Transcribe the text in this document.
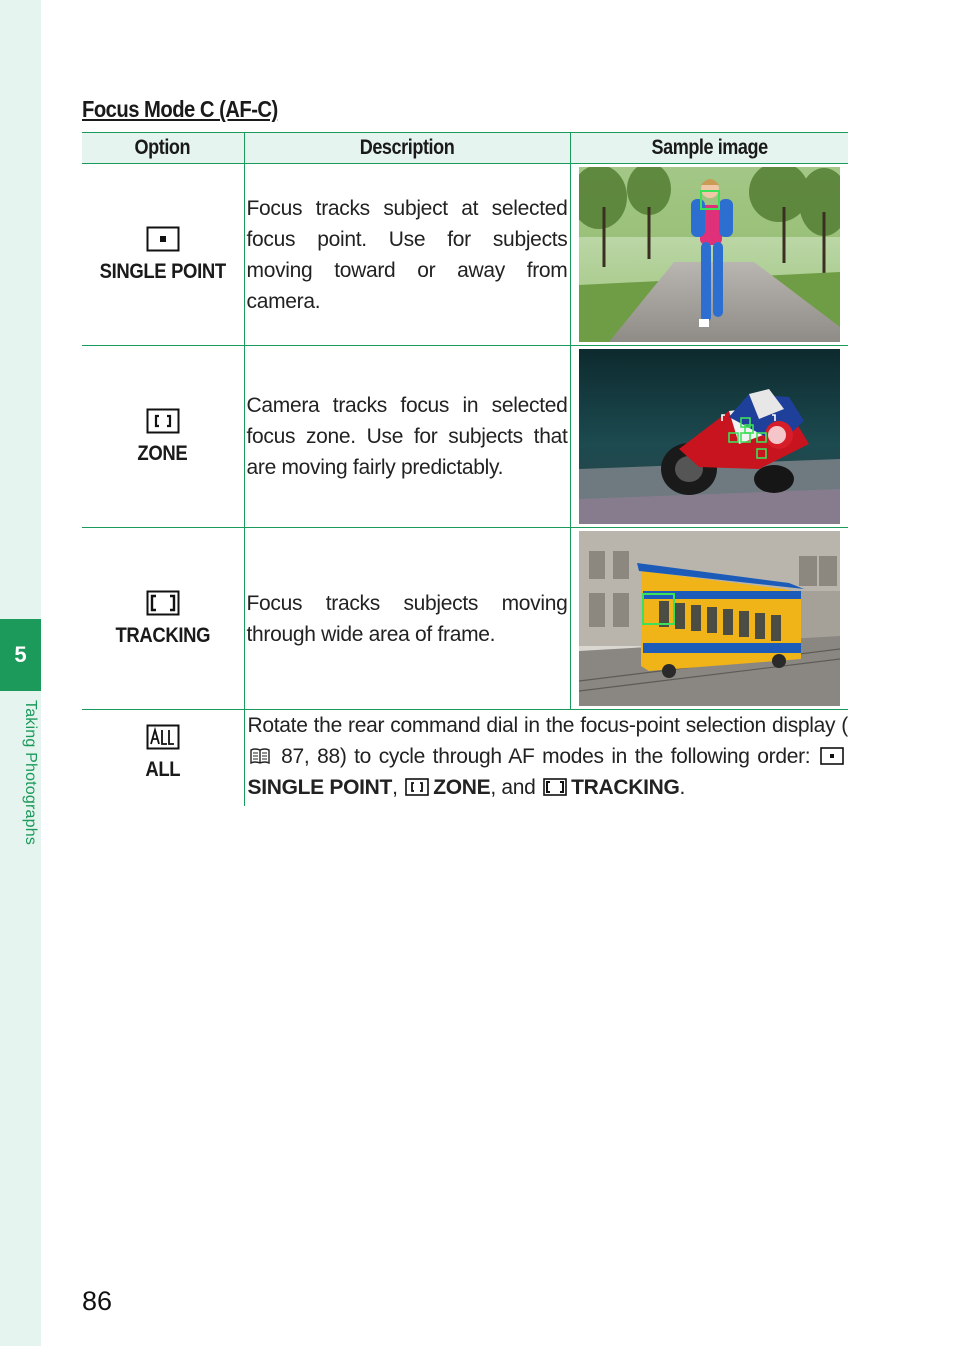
5
Taking Photographs
Focus Mode C (AF-C)
Option	Description	Sample image

SINGLE POINT	Focus tracks subject at selected focus point. Use for subjects moving toward or away from camera.	

ZONE	Camera tracks focus in selected focus zone. Use for subjects that are moving fairly predictably.	

TRACKING	Focus tracks subjects moving through wide area of frame.	

ALL	Rotate the rear command dial in the focus-point selection display ( 87, 88) to cycle through AF modes in the following order: SINGLE POINT, ZONE, and TRACKING.	
86
